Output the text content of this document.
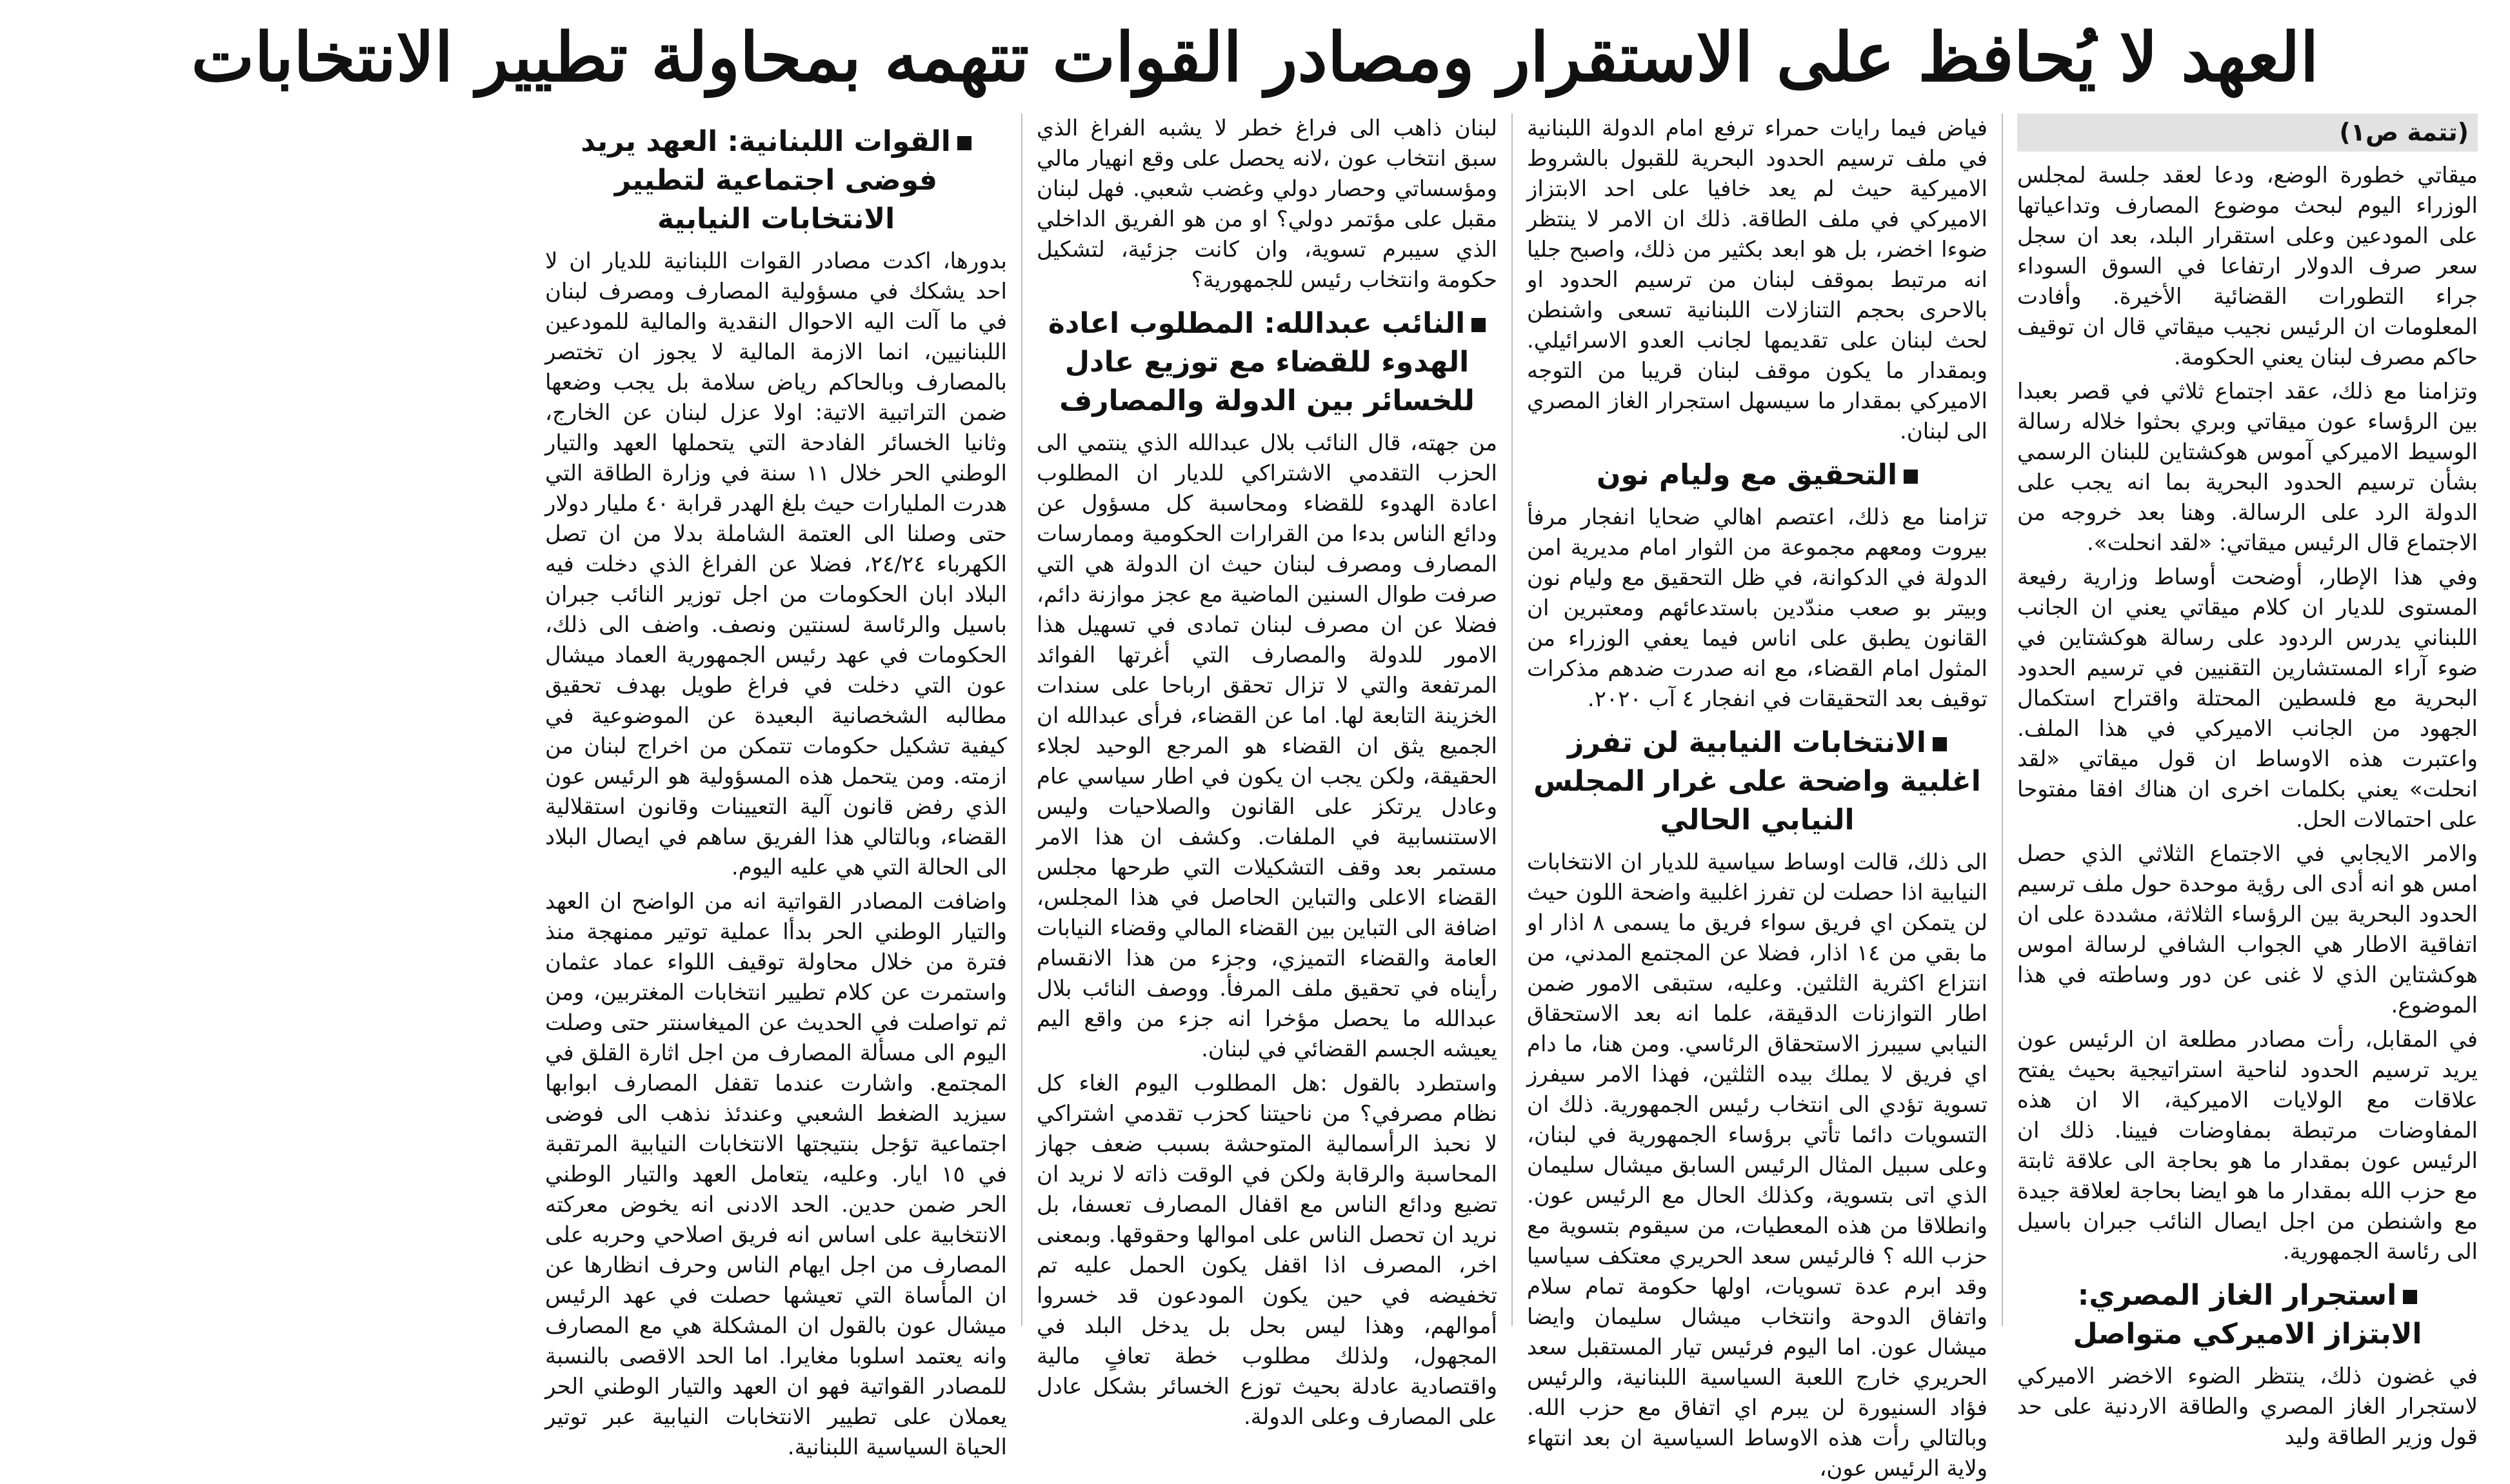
العهد لا يُحافظ على الاستقرار ومصادر القوات تتهمه بمحاولة تطيير الانتخابات
(تتمة ص١)

ميقاتي خطورة الوضع، ودعا لعقد جلسة لمجلس الوزراء اليوم لبحث موضوع المصارف وتداعياتها على المودعين وعلى استقرار البلد، بعد ان سجل سعر صرف الدولار ارتفاعا في السوق السوداء جراء التطورات القضائية الأخيرة. وأفادت المعلومات ان الرئيس نجيب ميقاتي قال ان توقيف حاكم مصرف لبنان يعني الحكومة.

وتزامنا مع ذلك، عقد اجتماع ثلاثي في قصر بعبدا بين الرؤساء عون ميقاتي وبري بحثوا خلاله رسالة الوسيط الاميركي آموس هوكشتاين للبنان الرسمي بشأن ترسيم الحدود البحرية بما انه يجب على الدولة الرد على الرسالة. وهنا بعد خروجه من الاجتماع قال الرئيس ميقاتي: «لقد انحلت».

وفي هذا الإطار، أوضحت أوساط وزارية رفيعة المستوى للديار ان كلام ميقاتي يعني ان الجانب اللبناني يدرس الردود على رسالة هوكشتاين في ضوء آراء المستشارين التقنيين في ترسيم الحدود البحرية مع فلسطين المحتلة واقتراح استكمال الجهود من الجانب الاميركي في هذا الملف. واعتبرت هذه الاوساط ان قول ميقاتي «لقد انحلت» يعني بكلمات اخرى ان هناك افقا مفتوحا على احتمالات الحل.

والامر الايجابي في الاجتماع الثلاثي الذي حصل امس هو انه أدى الى رؤية موحدة حول ملف ترسيم الحدود البحرية بين الرؤساء الثلاثة، مشددة على ان اتفاقية الاطار هي الجواب الشافي لرسالة اموس هوكشتاين الذي لا غنى عن دور وساطته في هذا الموضوع.

في المقابل، رأت مصادر مطلعة ان الرئيس عون يريد ترسيم الحدود لناحية استراتيجية بحيث يفتح علاقات مع الولايات الاميركية، الا ان هذه المفاوضات مرتبطة بمفاوضات فيينا. ذلك ان الرئيس عون بمقدار ما هو بحاجة الى علاقة ثابتة مع حزب الله بمقدار ما هو ايضا بحاجة لعلاقة جيدة مع واشنطن من اجل ايصال النائب جبران باسيل الى رئاسة الجمهورية.

استجرار الغاز المصري:
الابتزاز الاميركي متواصل

في غضون ذلك، ينتظر الضوء الاخضر الاميركي لاستجرار الغاز المصري والطاقة الاردنية على حد قول وزير الطاقة وليد

فياض فيما رايات حمراء ترفع امام الدولة اللبنانية في ملف ترسيم الحدود البحرية للقبول بالشروط الاميركية حيث لم يعد خافيا على احد الابتزاز الاميركي في ملف الطاقة. ذلك ان الامر لا ينتظر ضوءا اخضر، بل هو ابعد بكثير من ذلك، واصبح جليا انه مرتبط بموقف لبنان من ترسيم الحدود او بالاحرى بحجم التنازلات اللبنانية تسعى واشنطن لحث لبنان على تقديمها لجانب العدو الاسرائيلي. وبمقدار ما يكون موقف لبنان قريبا من التوجه الاميركي بمقدار ما سيسهل استجرار الغاز المصري الى لبنان.

التحقيق مع وليام نون

تزامنا مع ذلك، اعتصم اهالي ضحايا انفجار مرفأ بيروت ومعهم مجموعة من الثوار امام مديرية امن الدولة في الدكوانة، في ظل التحقيق مع وليام نون وبيتر بو صعب مندّدين باستدعائهم ومعتبرين ان القانون يطبق على اناس فيما يعفي الوزراء من المثول امام القضاء، مع انه صدرت ضدهم مذكرات توقيف بعد التحقيقات في انفجار ٤ آب ٢٠٢٠.

الانتخابات النيابية لن تفرز اغلبية واضحة على غرار المجلس النيابي الحالي

الى ذلك، قالت اوساط سياسية للديار ان الانتخابات النيابية اذا حصلت لن تفرز اغلبية واضحة اللون حيث لن يتمكن اي فريق سواء فريق ما يسمى ٨ اذار او ما بقي من ١٤ اذار، فضلا عن المجتمع المدني، من انتزاع اكثرية الثلثين. وعليه، ستبقى الامور ضمن اطار التوازنات الدقيقة، علما انه بعد الاستحقاق النيابي سيبرز الاستحقاق الرئاسي. ومن هنا، ما دام اي فريق لا يملك بيده الثلثين، فهذا الامر سيفرز تسوية تؤدي الى انتخاب رئيس الجمهورية. ذلك ان التسويات دائما تأتي برؤساء الجمهورية في لبنان، وعلى سبيل المثال الرئيس السابق ميشال سليمان الذي اتى بتسوية، وكذلك الحال مع الرئيس عون. وانطلاقا من هذه المعطيات، من سيقوم بتسوية مع حزب الله ؟ فالرئيس سعد الحريري معتكف سياسيا وقد ابرم عدة تسويات، اولها حكومة تمام سلام واتفاق الدوحة وانتخاب ميشال سليمان وايضا ميشال عون. اما اليوم فرئيس تيار المستقبل سعد الحريري خارج اللعبة السياسية اللبنانية، والرئيس فؤاد السنيورة لن يبرم اي اتفاق مع حزب الله. وبالتالي رأت هذه الاوساط السياسية ان بعد انتهاء ولاية الرئيس عون،

لبنان ذاهب الى فراغ خطر لا يشبه الفراغ الذي سبق انتخاب عون ،لانه يحصل على وقع انهيار مالي ومؤسساتي وحصار دولي وغضب شعبي. فهل لبنان مقبل على مؤتمر دولي؟ او من هو الفريق الداخلي الذي سيبرم تسوية، وان كانت جزئية، لتشكيل حكومة وانتخاب رئيس للجمهورية؟

النائب عبدالله: المطلوب اعادة الهدوء للقضاء مع توزيع عادل للخسائر بين الدولة والمصارف

من جهته، قال النائب بلال عبدالله الذي ينتمي الى الحزب التقدمي الاشتراكي للديار ان المطلوب اعادة الهدوء للقضاء ومحاسبة كل مسؤول عن ودائع الناس بدءا من القرارات الحكومية وممارسات المصارف ومصرف لبنان حيث ان الدولة هي التي صرفت طوال السنين الماضية مع عجز موازنة دائم، فضلا عن ان مصرف لبنان تمادى في تسهيل هذا الامور للدولة والمصارف التي أغرتها الفوائد المرتفعة والتي لا تزال تحقق ارباحا على سندات الخزينة التابعة لها. اما عن القضاء، فرأى عبدالله ان الجميع يثق ان القضاء هو المرجع الوحيد لجلاء الحقيقة، ولكن يجب ان يكون في اطار سياسي عام وعادل يرتكز على القانون والصلاحيات وليس الاستنسابية في الملفات. وكشف ان هذا الامر مستمر بعد وقف التشكيلات التي طرحها مجلس القضاء الاعلى والتباين الحاصل في هذا المجلس، اضافة الى التباين بين القضاء المالي وقضاء النيابات العامة والقضاء التميزي، وجزء من هذا الانقسام رأيناه في تحقيق ملف المرفأ. ووصف النائب بلال عبدالله ما يحصل مؤخرا انه جزء من واقع اليم يعيشه الجسم القضائي في لبنان.

واستطرد بالقول :هل المطلوب اليوم الغاء كل نظام مصرفي؟ من ناحيتنا كحزب تقدمي اشتراكي لا نحبذ الرأسمالية المتوحشة بسبب ضعف جهاز المحاسبة والرقابة ولكن في الوقت ذاته لا نريد ان تضيع ودائع الناس مع اقفال المصارف تعسفا، بل نريد ان تحصل الناس على اموالها وحقوقها. وبمعنى اخر، المصرف اذا اقفل يكون الحمل عليه تم تخفيضه في حين يكون المودعون قد خسروا أموالهم، وهذا ليس بحل بل يدخل البلد في المجهول، ولذلك مطلوب خطة تعافٍ مالية واقتصادية عادلة بحيث توزع الخسائر بشكل عادل على المصارف وعلى الدولة.

القوات اللبنانية: العهد يريد فوضى اجتماعية لتطيير الانتخابات النيابية

بدورها، اكدت مصادر القوات اللبنانية للديار ان لا احد يشكك في مسؤولية المصارف ومصرف لبنان في ما آلت اليه الاحوال النقدية والمالية للمودعين اللبنانيين، انما الازمة المالية لا يجوز ان تختصر بالمصارف وبالحاكم رياض سلامة بل يجب وضعها ضمن التراتبية الاتية: اولا عزل لبنان عن الخارج، وثانيا الخسائر الفادحة التي يتحملها العهد والتيار الوطني الحر خلال ١١ سنة في وزارة الطاقة التي هدرت المليارات حيث بلغ الهدر قرابة ٤٠ مليار دولار حتى وصلنا الى العتمة الشاملة بدلا من ان تصل الكهرباء ٢٤/٢٤، فضلا عن الفراغ الذي دخلت فيه البلاد ابان الحكومات من اجل توزير النائب جبران باسيل والرئاسة لسنتين ونصف. واضف الى ذلك، الحكومات في عهد رئيس الجمهورية العماد ميشال عون التي دخلت في فراغ طويل بهدف تحقيق مطالبه الشخصانية البعيدة عن الموضوعية في كيفية تشكيل حكومات تتمكن من اخراج لبنان من ازمته. ومن يتحمل هذه المسؤولية هو الرئيس عون الذي رفض قانون آلية التعيينات وقانون استقلالية القضاء، وبالتالي هذا الفريق ساهم في ايصال البلاد الى الحالة التي هي عليه اليوم.

واضافت المصادر القواتية انه من الواضح ان العهد والتيار الوطني الحر بدأا عملية توتير ممنهجة منذ فترة من خلال محاولة توقيف اللواء عماد عثمان واستمرت عن كلام تطيير انتخابات المغتربين، ومن ثم تواصلت في الحديث عن الميغاسنتر حتى وصلت اليوم الى مسألة المصارف من اجل اثارة القلق في المجتمع. واشارت عندما تقفل المصارف ابوابها سيزيد الضغط الشعبي وعندئذ نذهب الى فوضى اجتماعية تؤجل بنتيجتها الانتخابات النيابية المرتقبة في ١٥ ايار. وعليه، يتعامل العهد والتيار الوطني الحر ضمن حدين. الحد الادنى انه يخوض معركته الانتخابية على اساس انه فريق اصلاحي وحربه على المصارف من اجل ايهام الناس وحرف انظارها عن ان المأساة التي تعيشها حصلت في عهد الرئيس ميشال عون بالقول ان المشكلة هي مع المصارف وانه يعتمد اسلوبا مغايرا. اما الحد الاقصى بالنسبة للمصادر القواتية فهو ان العهد والتيار الوطني الحر يعملان على تطيير الانتخابات النيابية عبر توتير الحياة السياسية اللبنانية.
